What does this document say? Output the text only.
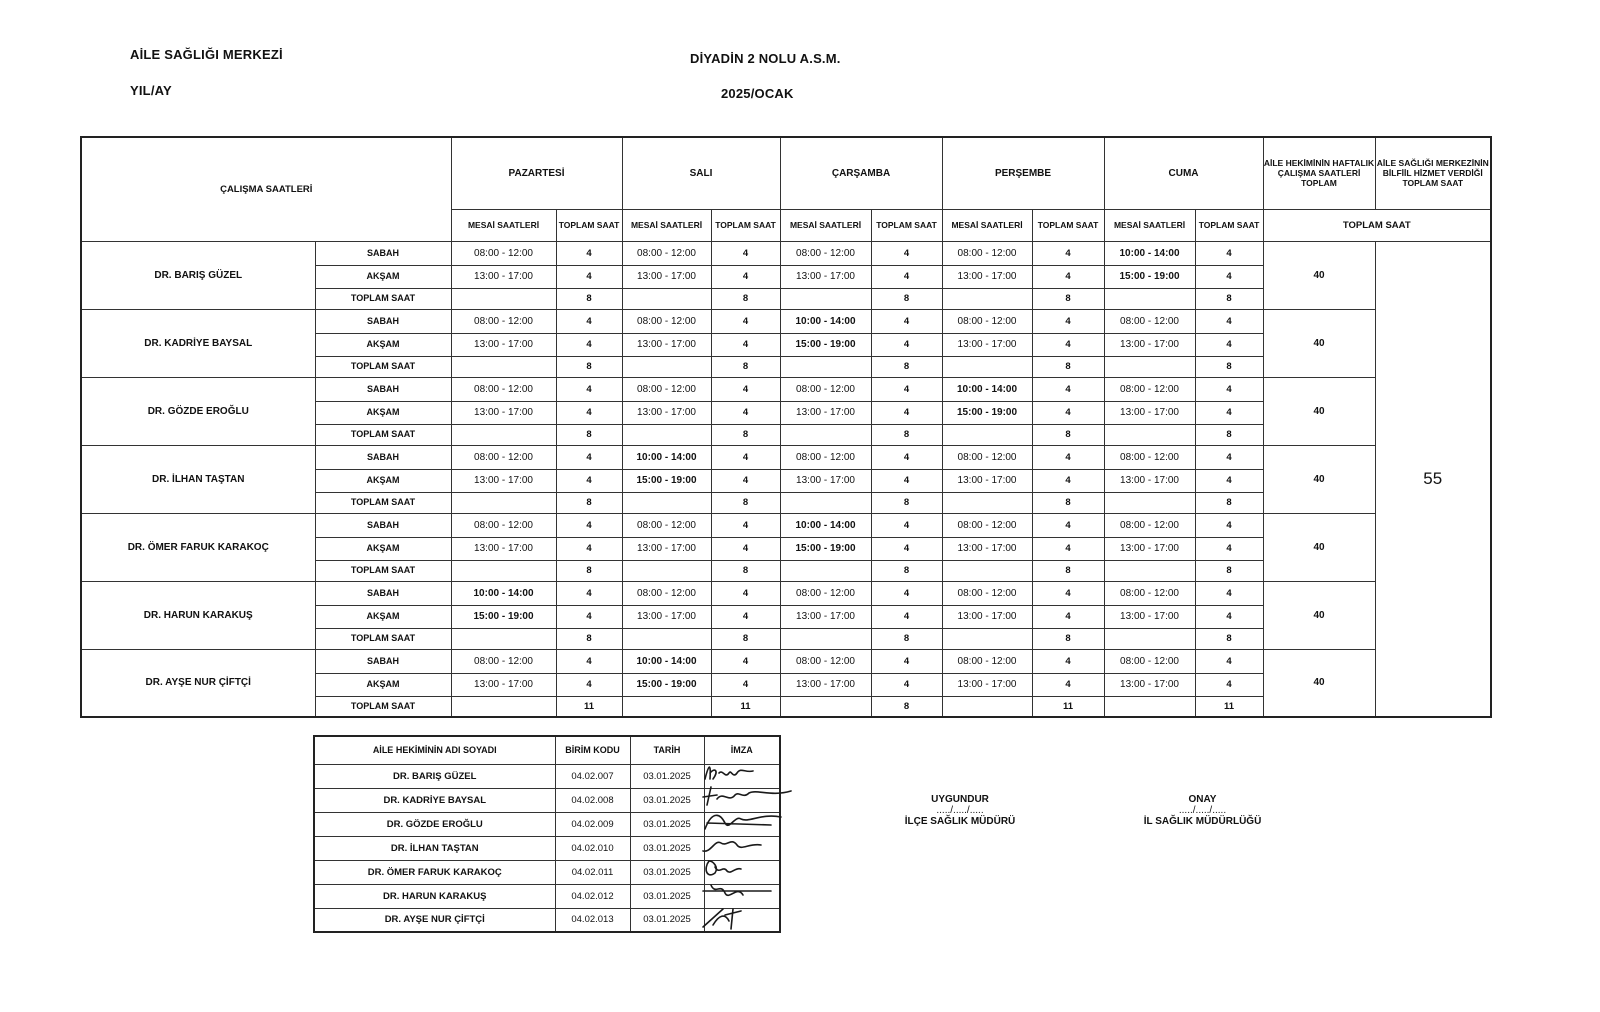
AİLE SAĞLIĞI MERKEZİ
YIL/AY
DİYADİN 2 NOLU A.S.M.
2025/OCAK
ÇALIŞMA SAATLERİ		PAZARTESİ		SALI		ÇARŞAMBA		PERŞEMBE		CUMA		AİLE HEKİMİNİN HAFTALIK ÇALIŞMA SAATLERİ TOPLAM	AİLE SAĞLIĞI MERKEZİNİN BİLFİİL HİZMET VERDİĞİ TOPLAM SAAT
		MESAİ SAATLERİ	TOPLAM SAAT	MESAİ SAATLERİ	TOPLAM SAAT	MESAİ SAATLERİ	TOPLAM SAAT	MESAİ SAATLERİ	TOPLAM SAAT	MESAİ SAATLERİ	TOPLAM SAAT	TOPLAM SAAT	
DR. BARIŞ GÜZEL	SABAH	08:00 - 12:00	4	08:00 - 12:00	4	08:00 - 12:00	4	08:00 - 12:00	4	10:00 - 14:00	4	40	55
	AKŞAM	13:00 - 17:00	4	13:00 - 17:00	4	13:00 - 17:00	4	13:00 - 17:00	4	15:00 - 19:00	4		
	TOPLAM SAAT		8		8		8		8		8		
DR. KADRİYE BAYSAL	SABAH	08:00 - 12:00	4	08:00 - 12:00	4	10:00 - 14:00	4	08:00 - 12:00	4	08:00 - 12:00	4	40	
	AKŞAM	13:00 - 17:00	4	13:00 - 17:00	4	15:00 - 19:00	4	13:00 - 17:00	4	13:00 - 17:00	4		
	TOPLAM SAAT		8		8		8		8		8		
DR. GÖZDE EROĞLU	SABAH	08:00 - 12:00	4	08:00 - 12:00	4	08:00 - 12:00	4	10:00 - 14:00	4	08:00 - 12:00	4	40	
	AKŞAM	13:00 - 17:00	4	13:00 - 17:00	4	13:00 - 17:00	4	15:00 - 19:00	4	13:00 - 17:00	4		
	TOPLAM SAAT		8		8		8		8		8		
DR. İLHAN TAŞTAN	SABAH	08:00 - 12:00	4	10:00 - 14:00	4	08:00 - 12:00	4	08:00 - 12:00	4	08:00 - 12:00	4	40	
	AKŞAM	13:00 - 17:00	4	15:00 - 19:00	4	13:00 - 17:00	4	13:00 - 17:00	4	13:00 - 17:00	4		
	TOPLAM SAAT		8		8		8		8		8		
DR. ÖMER FARUK KARAKOÇ	SABAH	08:00 - 12:00	4	08:00 - 12:00	4	10:00 - 14:00	4	08:00 - 12:00	4	08:00 - 12:00	4	40	
	AKŞAM	13:00 - 17:00	4	13:00 - 17:00	4	15:00 - 19:00	4	13:00 - 17:00	4	13:00 - 17:00	4		
	TOPLAM SAAT		8		8		8		8		8		
DR. HARUN KARAKUŞ	SABAH	10:00 - 14:00	4	08:00 - 12:00	4	08:00 - 12:00	4	08:00 - 12:00	4	08:00 - 12:00	4	40	
	AKŞAM	15:00 - 19:00	4	13:00 - 17:00	4	13:00 - 17:00	4	13:00 - 17:00	4	13:00 - 17:00	4		
	TOPLAM SAAT		8		8		8		8		8		
DR. AYŞE NUR ÇİFTÇİ	SABAH	08:00 - 12:00	4	10:00 - 14:00	4	08:00 - 12:00	4	08:00 - 12:00	4	08:00 - 12:00	4	40	
	AKŞAM	13:00 - 17:00	4	15:00 - 19:00	4	13:00 - 17:00	4	13:00 - 17:00	4	13:00 - 17:00	4		
	TOPLAM SAAT		11		11		8		11		11		
AİLE HEKİMİNİN ADI SOYADI	BİRİM KODU	TARİH	İMZA
DR. BARIŞ GÜZEL	04.02.007	03.01.2025	

DR. KADRİYE BAYSAL	04.02.008	03.01.2025	

DR. GÖZDE EROĞLU	04.02.009	03.01.2025	

DR. İLHAN TAŞTAN	04.02.010	03.01.2025	

DR. ÖMER FARUK KARAKOÇ	04.02.011	03.01.2025	

DR. HARUN KARAKUŞ	04.02.012	03.01.2025	

DR. AYŞE NUR ÇİFTÇİ	04.02.013	03.01.2025	
UYGUNDUR
...../...../.....
İLÇE SAĞLIK MÜDÜRÜ
ONAY
...../...../.....
İL SAĞLIK MÜDÜRLÜĞÜ
